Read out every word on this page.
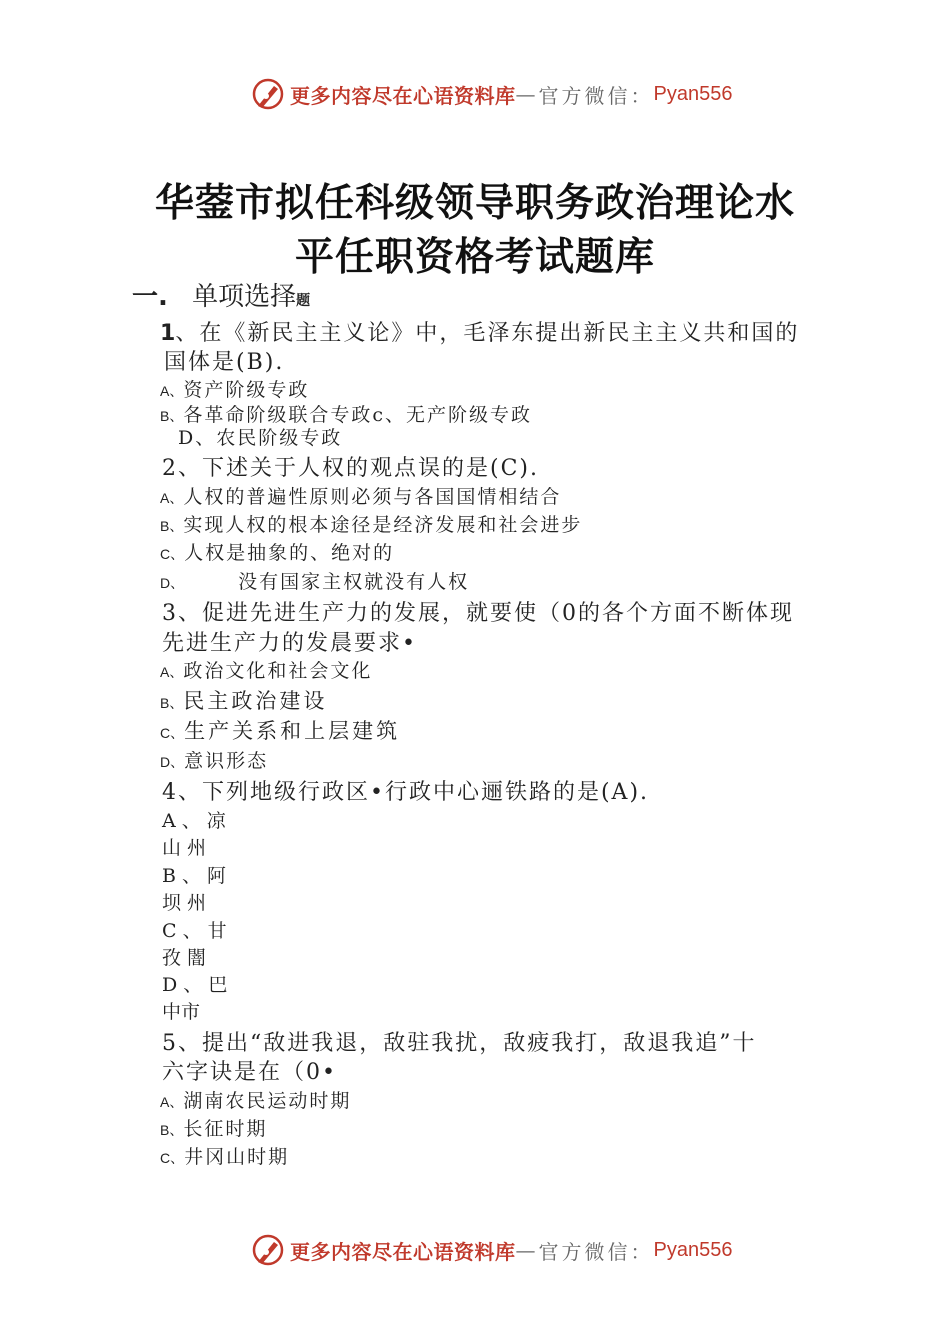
更多内容尽在心语资料库 — 官方微信： Pyan556
华蓥市拟任科级领导职务政治理论水
平任职资格考试题库
一. 单项选择题
1、在《新民主主义论》中，毛泽东提出新民主主义共和国的
国体是(B).
A、资产阶级专政
B、各革命阶级联合专政c、无产阶级专政
D、农民阶级专政
2、下述关于人权的观点误的是(C).
A、人权的普遍性原则必须与各国国情相结合
B、实现人权的根本途径是经济发展和社会进步
C、人权是抽象的、绝对的
D、	没有国家主权就没有人权
3、促进先进生产力的发展，就要使（0的各个方面不断体现
先进生产力的发晨要求•
A、政治文化和社会文化
B、民主政治建设
C、生产关系和上层建筑
D、意识形态
4、下列地级行政区•行政中心逦铁路的是(A).
A 、 凉
山 州
B 、 阿
坝 州
C 、 甘
孜 闇
D 、 巴
中市
5、提出“敌进我退，敌驻我扰，敌疲我打，敌退我追”十
六字诀是在（0•
A、湖南农民运动时期
B、长征时期
C、井冈山时期
更多内容尽在心语资料库 — 官方微信： Pyan556
